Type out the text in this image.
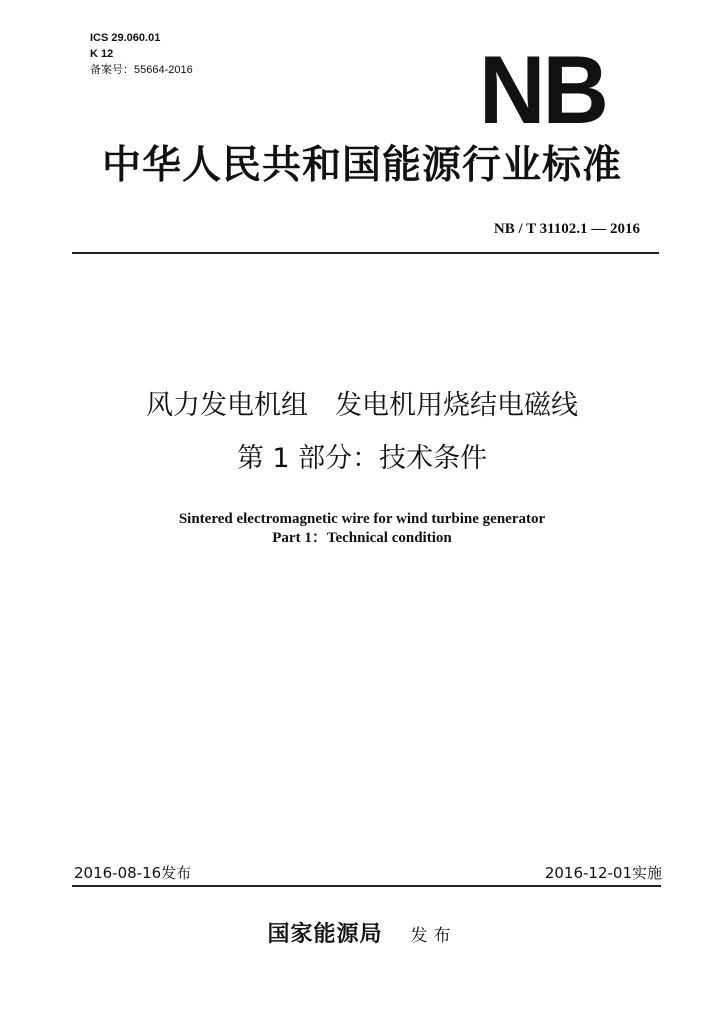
ICS 29.060.01
K 12
备案号：55664-2016	NB
中华人民共和国能源行业标准
NB / T 31102.1 — 2016
风力发电机组　发电机用烧结电磁线
第 1 部分：技术条件
Sintered electromagnetic wire for wind turbine generator
Part 1：Technical condition
2016-08-16发布	2016-12-01实施
国家能源局 发布
